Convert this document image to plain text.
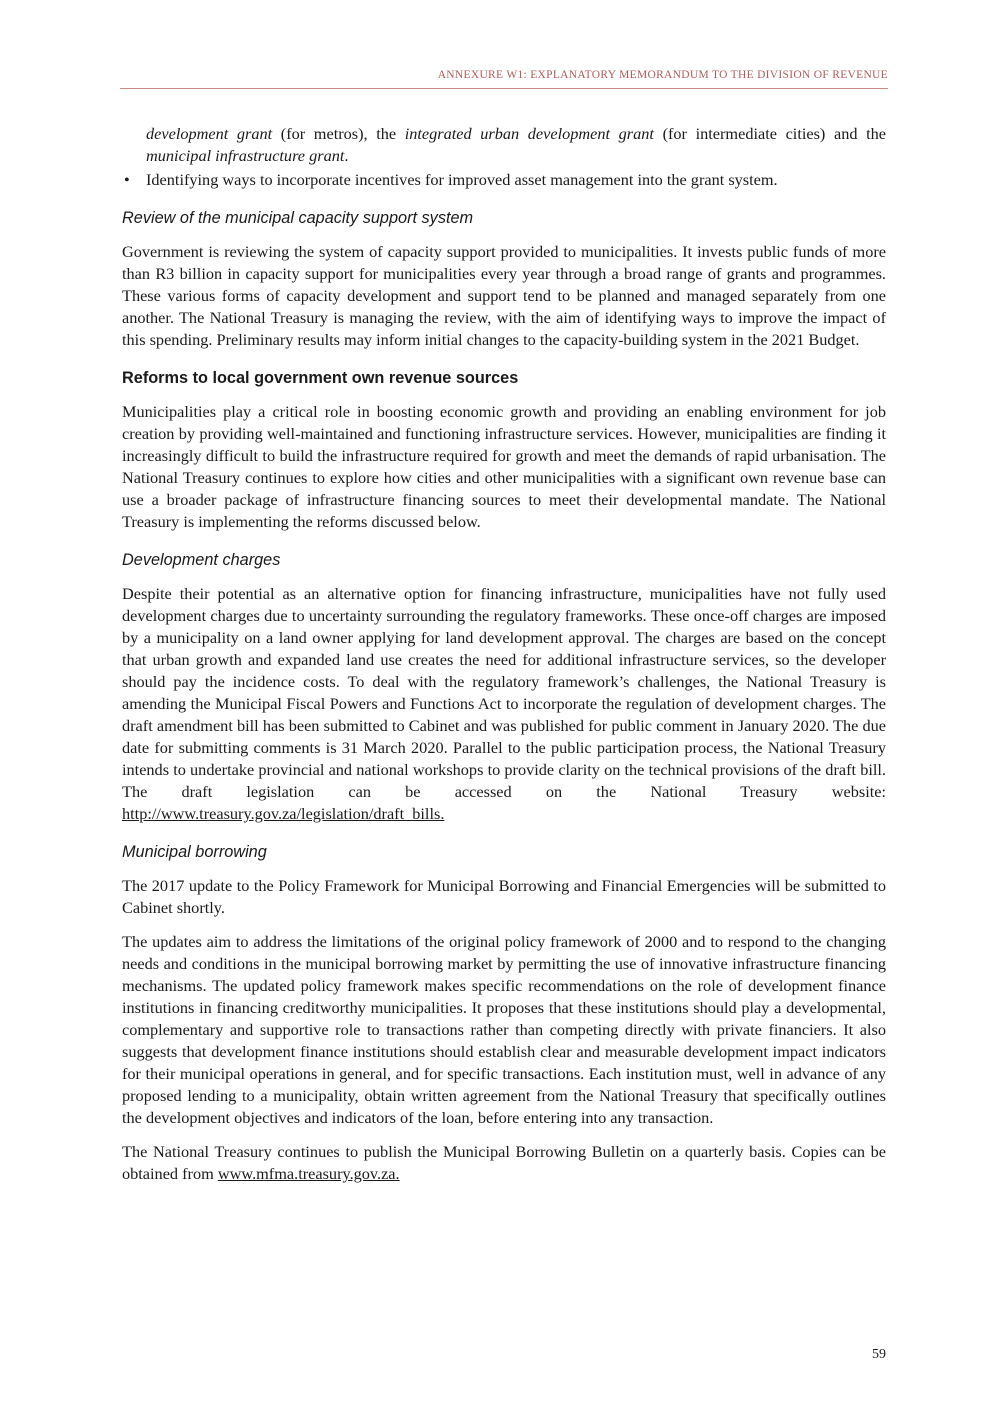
ANNEXURE W1: EXPLANATORY MEMORANDUM TO THE DIVISION OF REVENUE

development grant (for metros), the integrated urban development grant (for intermediate cities) and the municipal infrastructure grant.

• Identifying ways to incorporate incentives for improved asset management into the grant system.
Review of the municipal capacity support system

Government is reviewing the system of capacity support provided to municipalities. It invests public funds of more than R3 billion in capacity support for municipalities every year through a broad range of grants and programmes. These various forms of capacity development and support tend to be planned and managed separately from one another. The National Treasury is managing the review, with the aim of identifying ways to improve the impact of this spending. Preliminary results may inform initial changes to the capacity-building system in the 2021 Budget.

Reforms to local government own revenue sources

Municipalities play a critical role in boosting economic growth and providing an enabling environment for job creation by providing well-maintained and functioning infrastructure services. However, municipalities are finding it increasingly difficult to build the infrastructure required for growth and meet the demands of rapid urbanisation. The National Treasury continues to explore how cities and other municipalities with a significant own revenue base can use a broader package of infrastructure financing sources to meet their developmental mandate. The National Treasury is implementing the reforms discussed below.

Development charges

Despite their potential as an alternative option for financing infrastructure, municipalities have not fully used development charges due to uncertainty surrounding the regulatory frameworks. These once-off charges are imposed by a municipality on a land owner applying for land development approval. The charges are based on the concept that urban growth and expanded land use creates the need for additional infrastructure services, so the developer should pay the incidence costs. To deal with the regulatory framework’s challenges, the National Treasury is amending the Municipal Fiscal Powers and Functions Act to incorporate the regulation of development charges. The draft amendment bill has been submitted to Cabinet and was published for public comment in January 2020. The due date for submitting comments is 31 March 2020. Parallel to the public participation process, the National Treasury intends to undertake provincial and national workshops to provide clarity on the technical provisions of the draft bill. The draft legislation can be accessed on the National Treasury website: http://www.treasury.gov.za/legislation/draft_bills.

Municipal borrowing

The 2017 update to the Policy Framework for Municipal Borrowing and Financial Emergencies will be submitted to Cabinet shortly.

The updates aim to address the limitations of the original policy framework of 2000 and to respond to the changing needs and conditions in the municipal borrowing market by permitting the use of innovative infrastructure financing mechanisms. The updated policy framework makes specific recommendations on the role of development finance institutions in financing creditworthy municipalities. It proposes that these institutions should play a developmental, complementary and supportive role to transactions rather than competing directly with private financiers. It also suggests that development finance institutions should establish clear and measurable development impact indicators for their municipal operations in general, and for specific transactions. Each institution must, well in advance of any proposed lending to a municipality, obtain written agreement from the National Treasury that specifically outlines the development objectives and indicators of the loan, before entering into any transaction.

The National Treasury continues to publish the Municipal Borrowing Bulletin on a quarterly basis. Copies can be obtained from www.mfma.treasury.gov.za.

59
